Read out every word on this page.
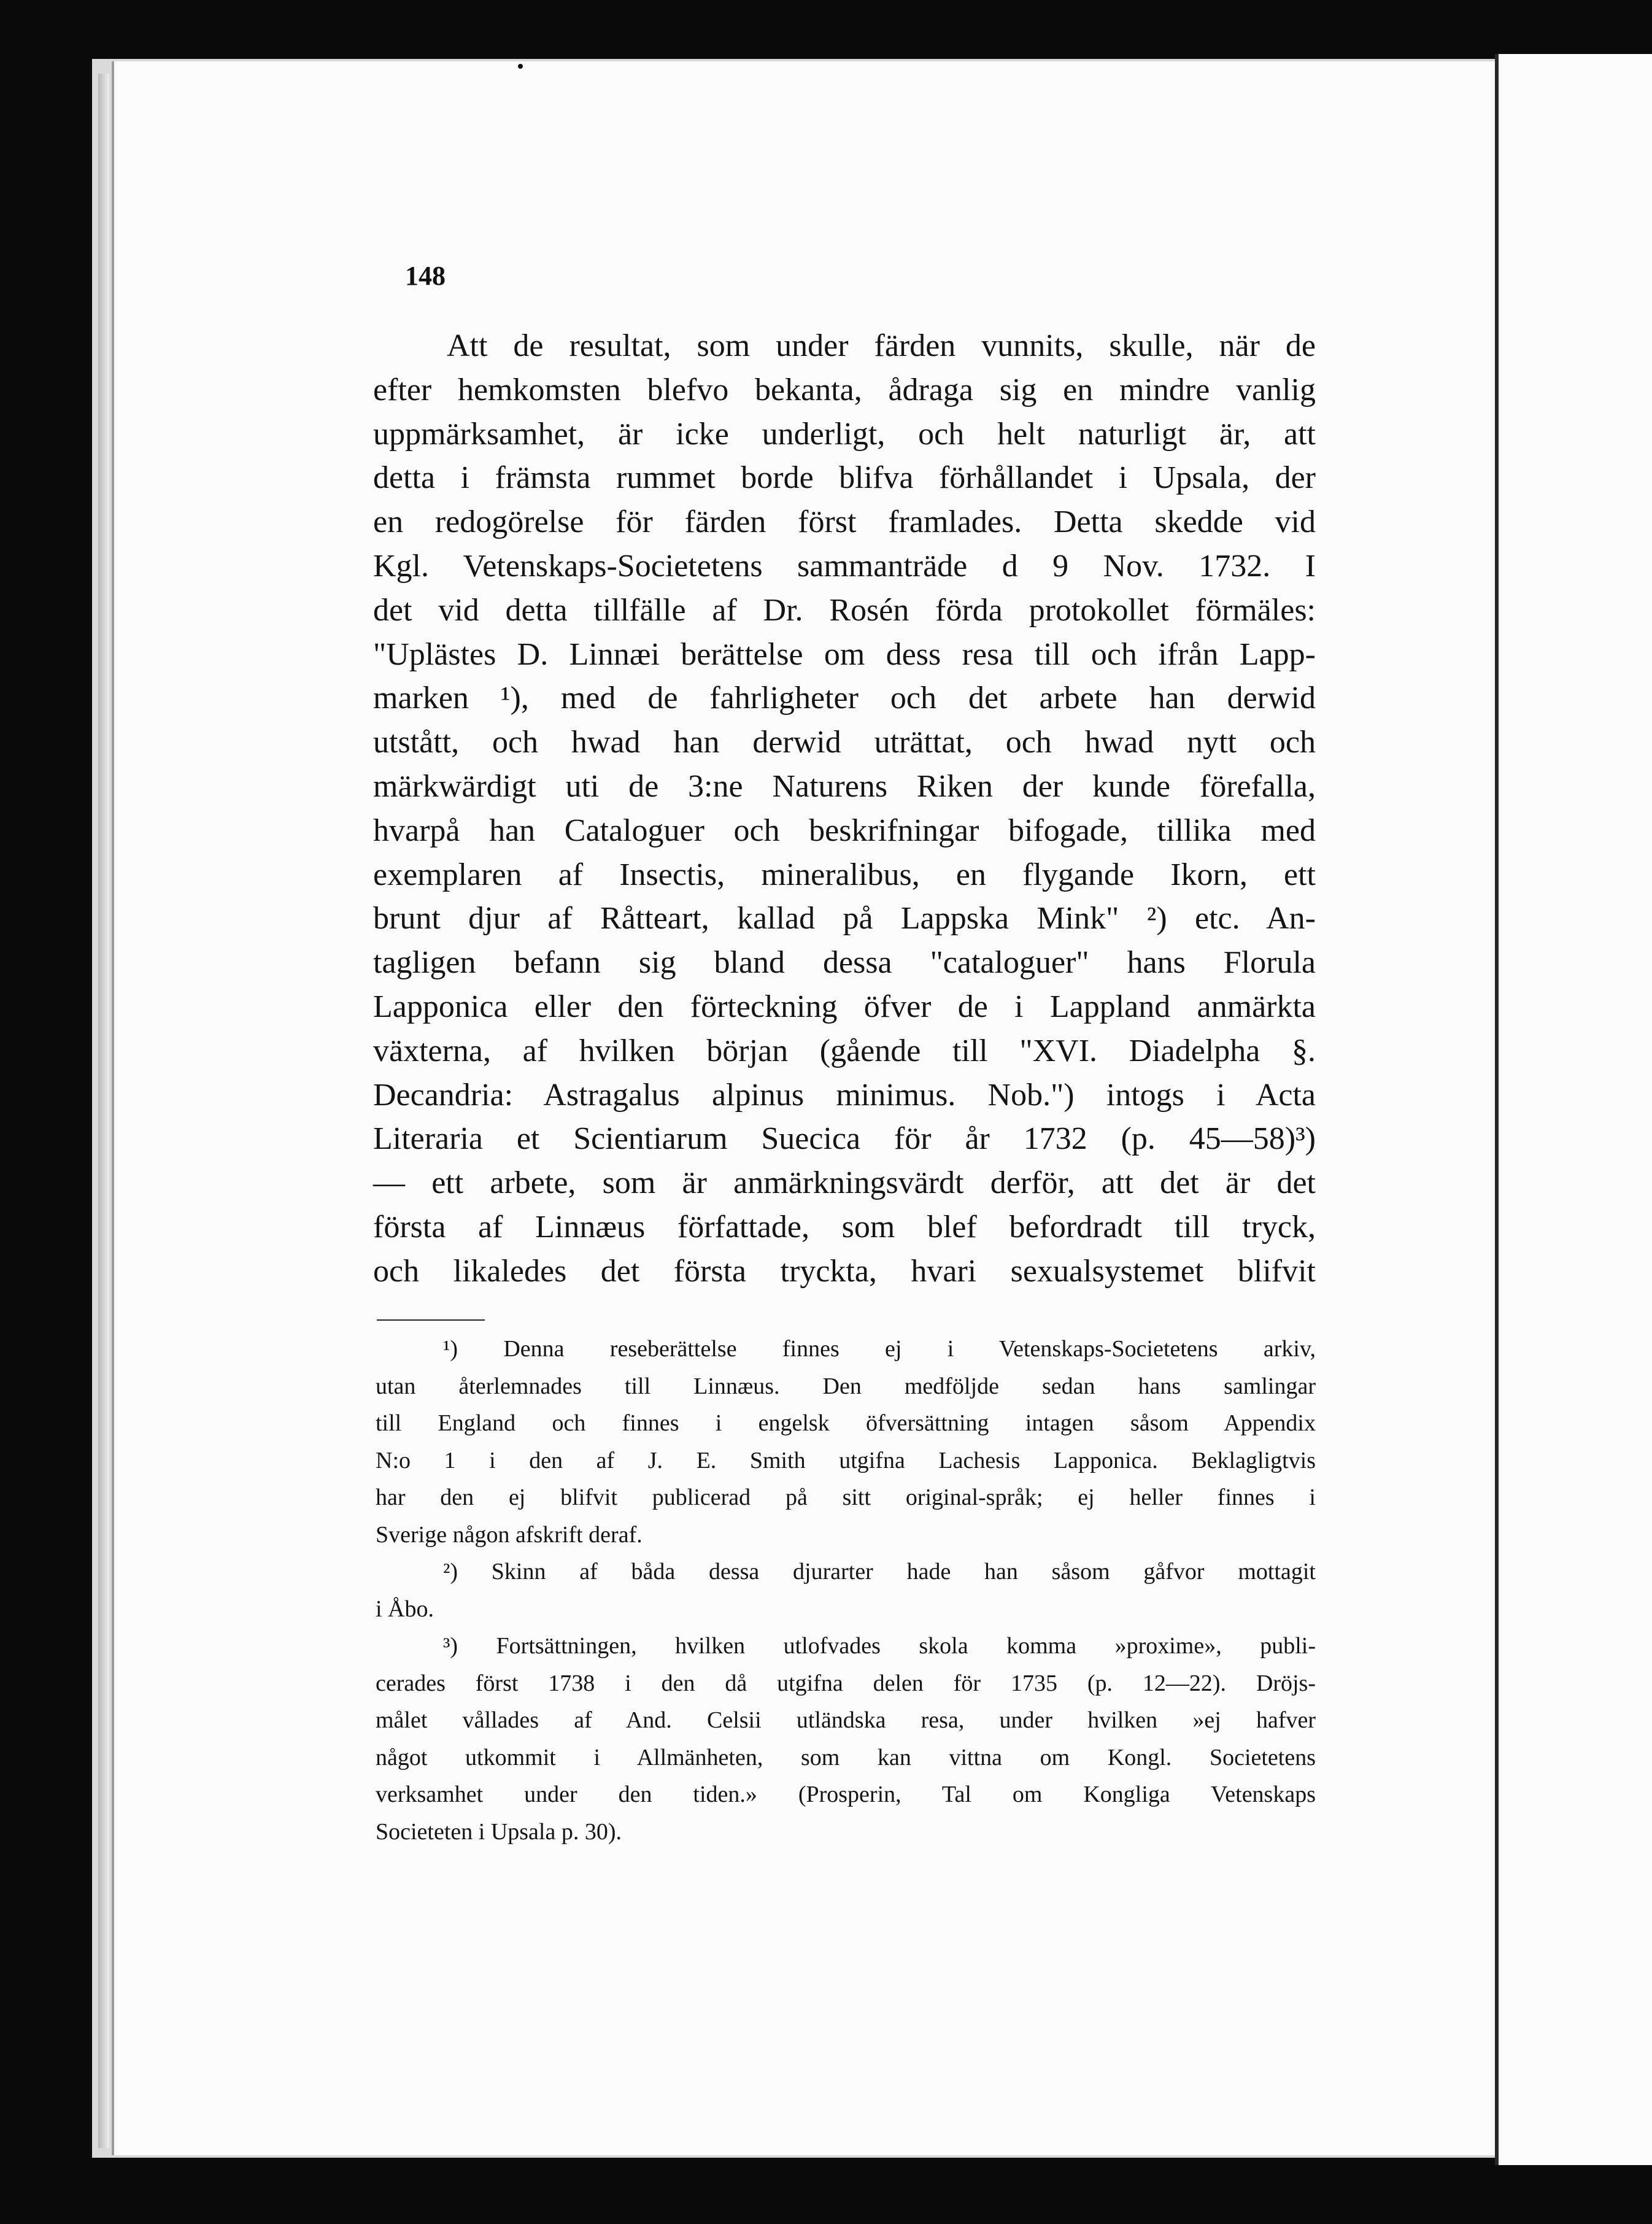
148
Att de resultat, som under färden vunnits, skulle, när de
efter hemkomsten blefvo bekanta, ådraga sig en mindre vanlig
uppmärksamhet, är icke underligt, och helt naturligt är, att
detta i främsta rummet borde blifva förhållandet i Upsala, der
en redogörelse för färden först framlades. Detta skedde vid
Kgl. Vetenskaps-Societetens sammanträde d 9 Nov. 1732. I
det vid detta tillfälle af Dr. Rosén förda protokollet förmäles:
"Uplästes D. Linnæi berättelse om dess resa till och ifrån Lapp-
marken ¹), med de fahrligheter och det arbete han derwid
utstått, och hwad han derwid uträttat, och hwad nytt och
märkwärdigt uti de 3:ne Naturens Riken der kunde förefalla,
hvarpå han Cataloguer och beskrifningar bifogade, tillika med
exemplaren af Insectis, mineralibus, en flygande Ikorn, ett
brunt djur af Råtteart, kallad på Lappska Mink" ²) etc. An-
tagligen befann sig bland dessa "cataloguer" hans Florula
Lapponica eller den förteckning öfver de i Lappland anmärkta
växterna, af hvilken början (gående till "XVI. Diadelpha §.
Decandria: Astragalus alpinus minimus. Nob.") intogs i Acta
Literaria et Scientiarum Suecica för år 1732 (p. 45—58)³)
— ett arbete, som är anmärkningsvärdt derför, att det är det
första af Linnæus författade, som blef befordradt till tryck,
och likaledes det första tryckta, hvari sexualsystemet blifvit
¹) Denna reseberättelse finnes ej i Vetenskaps-Societetens arkiv,
utan återlemnades till Linnæus. Den medföljde sedan hans samlingar
till England och finnes i engelsk öfversättning intagen såsom Appendix
N:o 1 i den af J. E. Smith utgifna Lachesis Lapponica. Beklagligtvis
har den ej blifvit publicerad på sitt original-språk; ej heller finnes i
Sverige någon afskrift deraf.
²) Skinn af båda dessa djurarter hade han såsom gåfvor mottagit
i Åbo.
³) Fortsättningen, hvilken utlofvades skola komma »proxime», publi-
cerades först 1738 i den då utgifna delen för 1735 (p. 12—22). Dröjs-
målet vållades af And. Celsii utländska resa, under hvilken »ej hafver
något utkommit i Allmänheten, som kan vittna om Kongl. Societetens
verksamhet under den tiden.» (Prosperin, Tal om Kongliga Vetenskaps
Societeten i Upsala p. 30).
